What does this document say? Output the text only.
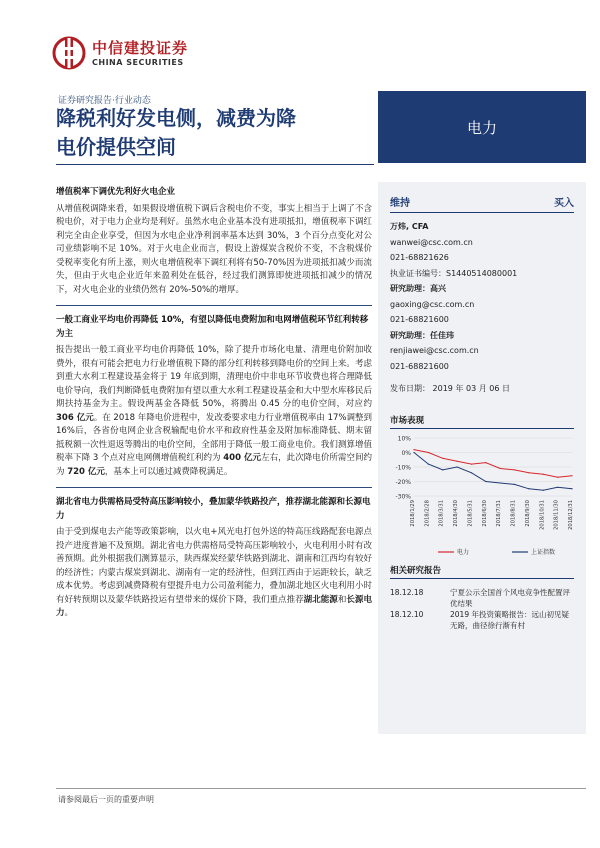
中信建投证券
CHINA SECURITIES
证券研究报告·行业动态
降税利好发电侧，减费为降
电价提供空间
电力
增值税率下调优先利好火电企业
从增值税调降来看，如果假设增值税下调后含税电价不变，事实上相当于上调了不含税电价，对于电力企业均是利好。虽然水电企业基本没有进项抵扣，增值税率下调红利完全由企业享受，但因为水电企业净利润率基本达到 30%，3 个百分点变化对公司业绩影响不足 10%。对于火电企业而言，假设上游煤炭含税价不变，不含税煤价受税率变化有所上涨，则火电增值税率下调红利将有50-70%因为进项抵扣减少而流失，但由于火电企业近年来盈利处在低谷，经过我们测算即使进项抵扣减少的情况下，对火电企业的业绩仍然有 20%-50%的增厚。
一般工商业平均电价再降低 10%，有望以降低电费附加和电网增值税环节红利转移为主
报告提出一般工商业平均电价再降低 10%，除了提升市场化电量、清理电价附加收费外，很有可能会把电力行业增值税下降的部分红利转移到降电价的空间上来。考虑到重大水利工程建设基金将于 19 年底到期，清理电价中非电环节收费也将合理降低电价导向，我们判断降低电费附加有望以重大水利工程建设基金和大中型水库移民后期扶持基金为主。假设两基金各降低 50%，将腾出 0.45 分的电价空间，对应约 306 亿元。在 2018 年降电价进程中，发改委要求电力行业增值税率由 17%调整到 16%后，各省份电网企业含税输配电价水平和政府性基金及附加标准降低、期末留抵税额一次性退返等腾出的电价空间，全部用于降低一般工商业电价。我们测算增值税率下降 3 个点对应电网侧增值税红利约为 400 亿元左右，此次降电价所需空间约为 720 亿元，基本上可以通过减费降税满足。
湖北省电力供需格局受特高压影响较小，叠加蒙华铁路投产，推荐湖北能源和长源电力
由于受到煤电去产能等政策影响，以火电+风光电打包外送的特高压线路配套电源点投产进度普遍不及预期。湖北省电力供需格局受特高压影响较小，火电利用小时有改善预期。此外根据我们测算显示，陕西煤炭经蒙华铁路到湖北、湖南和江西均有较好的经济性；内蒙古煤炭到湖北、湖南有一定的经济性，但到江西由于运距较长，缺乏成本优势。考虑到减费降税有望提升电力公司盈利能力，叠加湖北地区火电利用小时有好转预期以及蒙华铁路投运有望带来的煤价下降，我们重点推荐湖北能源和长源电力。
维持	买入
万炜, CFA
wanwei@csc.com.cn
021-68821626
执业证书编号：S1440514080001
研究助理：高兴
gaoxing@csc.com.cn
021-68821600
研究助理：任佳玮
renjiawei@csc.com.cn
021-68821600
发布日期： 2019 年 03 月 06 日
市场表现
10%
0%
-10%
-20%
-30%
2018/1/29 2018/2/28 2018/3/31 2018/4/30 2018/5/31 2018/6/30 2018/7/31 2018/8/31 2018/9/30 2018/10/31 2018/11/30 2018/12/31
电力	上证指数
相关研究报告
18.12.18	宁夏公示全国首个风电竞争性配置评优结果
18.12.10	2019 年投资策略报告：远山初见疑无路，曲径徐行渐有村
请参阅最后一页的重要声明
